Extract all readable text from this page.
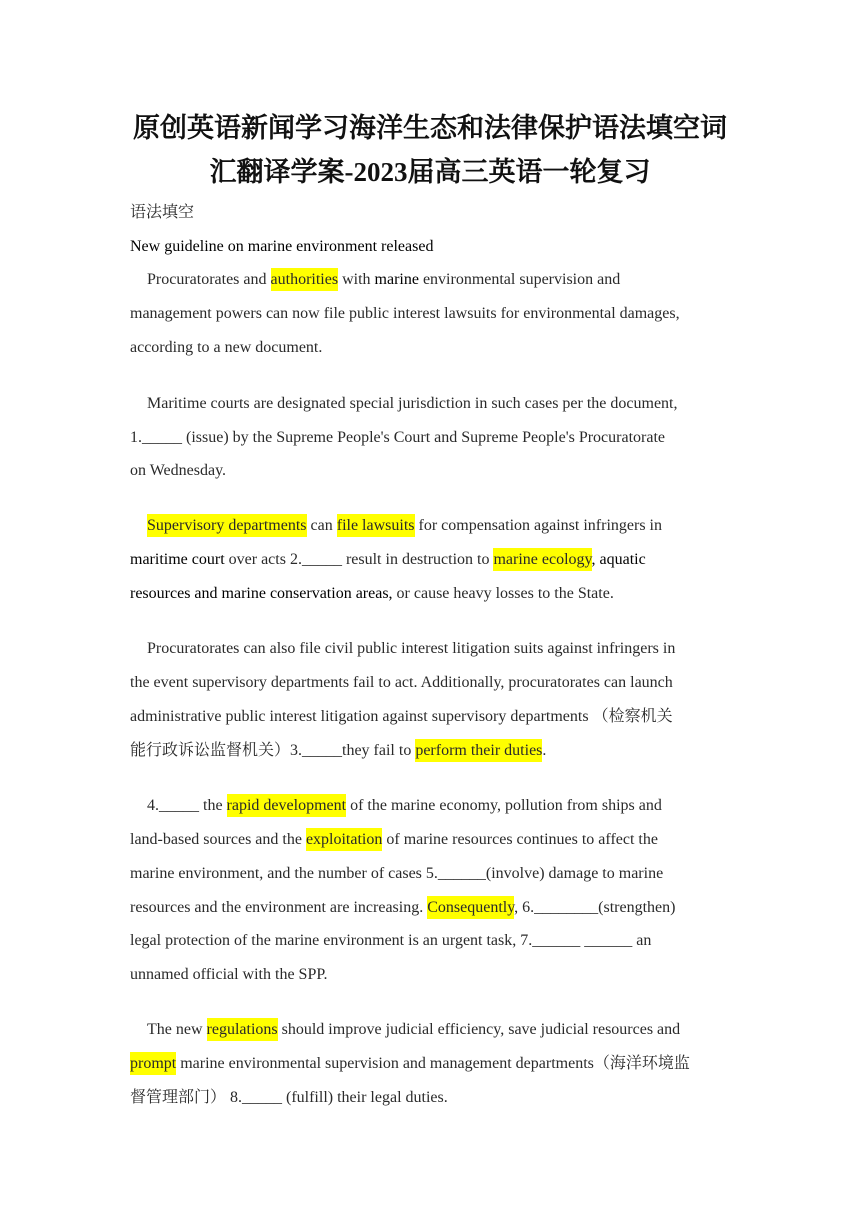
原创英语新闻学习海洋生态和法律保护语法填空词
汇翻译学案-2023届高三英语一轮复习
语法填空
New guideline on marine environment released
Procuratorates and authorities with marine environmental supervision and
management powers can now file public interest lawsuits for environmental damages,
according to a new document.
Maritime courts are designated special jurisdiction in such cases per the document,
1._____ (issue) by the Supreme People's Court and Supreme People's Procuratorate
on Wednesday.
Supervisory departments can file lawsuits for compensation against infringers in
maritime court over acts 2._____ result in destruction to marine ecology, aquatic
resources and marine conservation areas, or cause heavy losses to the State.
Procuratorates can also file civil public interest litigation suits against infringers in
the event supervisory departments fail to act. Additionally, procuratorates can launch
administrative public interest litigation against supervisory departments （检察机关
能行政诉讼监督机关）3._____they fail to perform their duties.
4._____ the rapid development of the marine economy, pollution from ships and
land-based sources and the exploitation of marine resources continues to affect the
marine environment, and the number of cases 5.______(involve) damage to marine
resources and the environment are increasing. Consequently, 6.________(strengthen)
legal protection of the marine environment is an urgent task, 7.______ ______ an
unnamed official with the SPP.
The new regulations should improve judicial efficiency, save judicial resources and
prompt marine environmental supervision and management departments（海洋环境监
督管理部门） 8._____ (fulfill) their legal duties.
